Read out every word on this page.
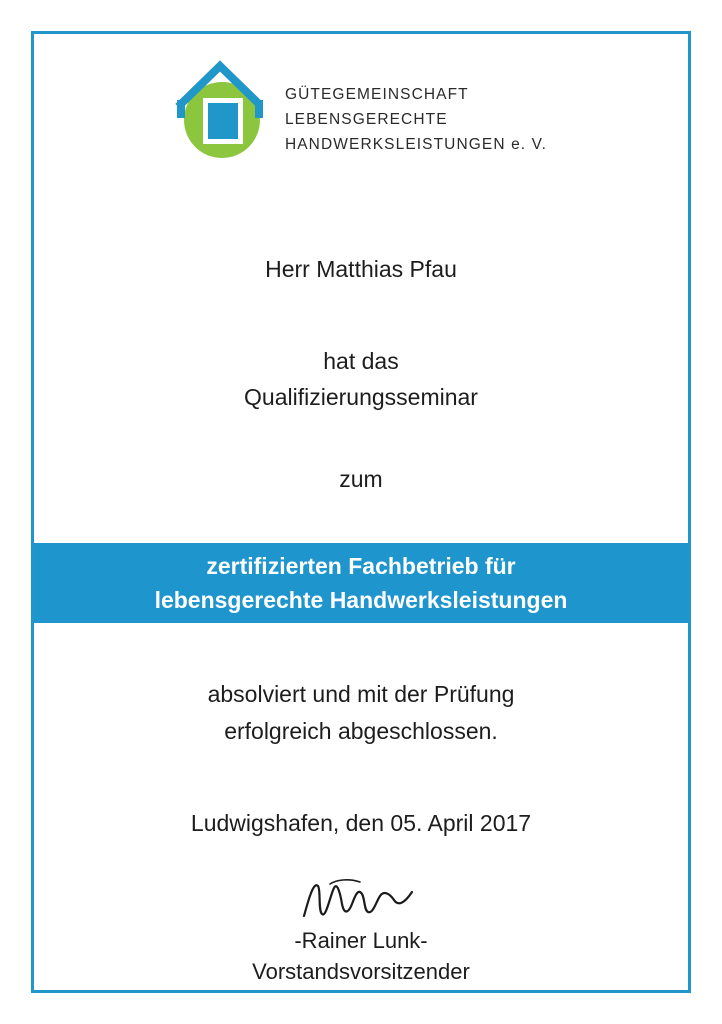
GÜTEGEMEINSCHAFT
LEBENSGERECHTE
HANDWERKSLEISTUNGEN e. V.
Herr Matthias Pfau
hat das
Qualifizierungsseminar
zum
zertifizierten Fachbetrieb für
lebensgerechte Handwerksleistungen
absolviert und mit der Prüfung
erfolgreich abgeschlossen.
Ludwigshafen, den 05. April 2017
-Rainer Lunk-
Vorstandsvorsitzender
